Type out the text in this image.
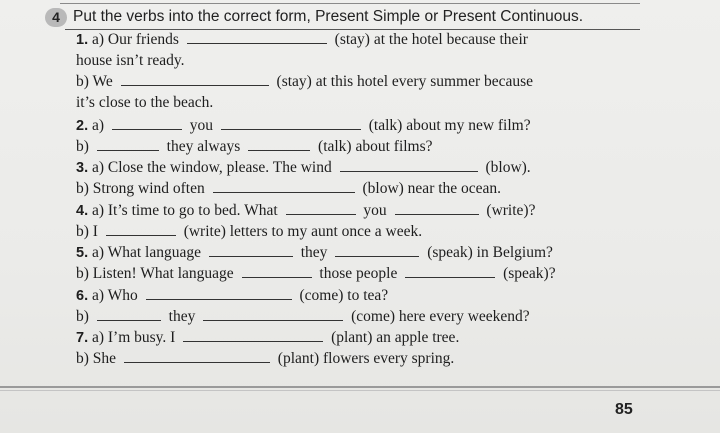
4 Put the verbs into the correct form, Present Simple or Present Continuous.
1. a) Our friends	(stay) at the hotel because their
house isn’t ready.
b) We	(stay) at this hotel every summer because
it’s close to the beach.
2. a)	you	(talk) about my new film?
b)	they always	(talk) about films?
3. a) Close the window, please. The wind	(blow).
b) Strong wind often	(blow) near the ocean.
4. a) It’s time to go to bed. What	you	(write)?
b) I	(write) letters to my aunt once a week.
5. a) What language	they	(speak) in Belgium?
b) Listen! What language	those people	(speak)?
6. a) Who	(come) to tea?
b)	they	(come) here every weekend?
7. a) I’m busy. I	(plant) an apple tree.
b) She	(plant) flowers every spring.
85
